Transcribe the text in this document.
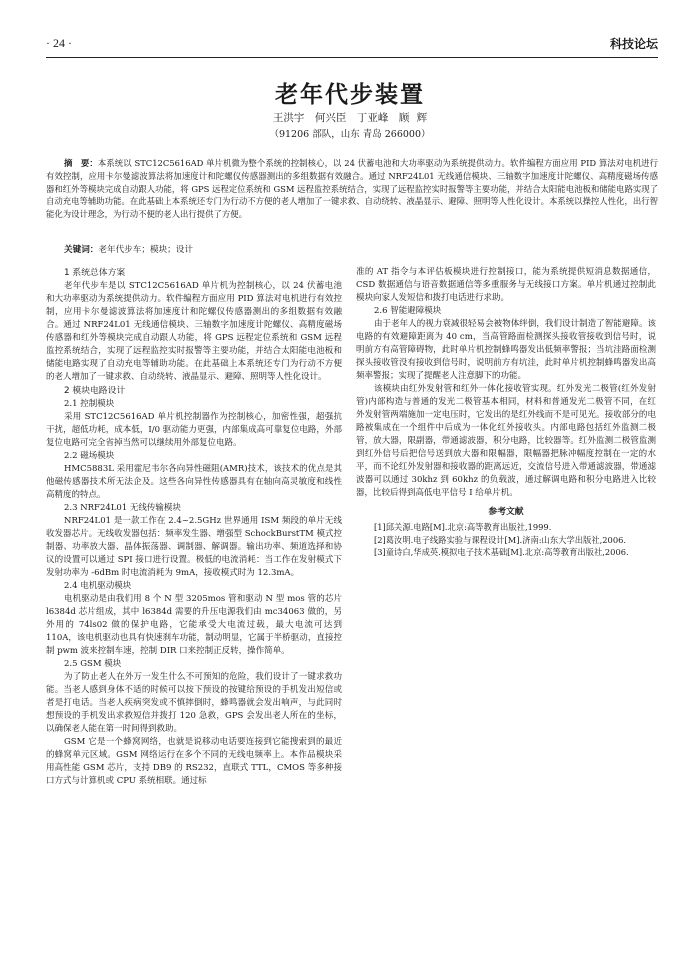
· 24 ·	科技论坛
老年代步装置
王洪宇　何兴臣　丁亚峰　顾 辉
（91206 部队，山东 青岛 266000）
摘　要：本系统以 STC12C5616AD 单片机微为整个系统的控制核心，以 24 伏蓄电池和大功率驱动为系统提供动力。软件编程方面应用 PID 算法对电机进行有效控制，应用卡尔曼滤波算法将加速度计和陀螺仪传感器测出的多组数据有效融合。通过 NRF24L01 无线通信模块、三轴数字加速度计陀螺仪、高精度磁场传感器和红外等模块完成自动跟人功能，将 GPS 远程定位系统和 GSM 远程监控系统结合，实现了远程监控实时报警等主要功能，并结合太阳能电池板和储能电路实现了自动充电等辅助功能。在此基础上本系统还专门为行动不方便的老人增加了一键求救、自动绕转、液晶显示、避障、照明等人性化设计。本系统以操控人性化，出行智能化为设计理念，为行动不便的老人出行提供了方便。
关键词：老年代步车；模块；设计
1 系统总体方案

老年代步车是以 STC12C5616AD 单片机为控制核心，以 24 伏蓄电池和大功率驱动为系统提供动力。软件编程方面应用 PID 算法对电机进行有效控制，应用卡尔曼滤波算法将加速度计和陀螺仪传感器测出的多组数据有效融合。通过 NRF24L01 无线通信模块、三轴数字加速度计陀螺仪、高精度磁场传感器和红外等模块完成自动跟人功能，将 GPS 远程定位系统和 GSM 远程监控系统结合，实现了远程监控实时报警等主要功能，并结合太阳能电池板和储能电路实现了自动充电等辅助功能。在此基础上本系统还专门为行动不方便的老人增加了一键求救、自动绕转、液晶显示、避障、照明等人性化设计。

2 模块电路设计
2.1 控制模块

采用 STC12C5616AD 单片机控制器作为控制核心，加密性强，超强抗干扰，超低功耗，成本低，I/0 驱动能力更强，内部集成高可靠复位电路，外部复位电路可完全省掉当然可以继续用外部复位电路。

2.2 磁场模块

HMC5883L 采用霍尼韦尔各向异性磁阻(AMR)技术，该技术的优点是其他磁传感器技术所无法企及。这些各向异性传感器具有在轴向高灵敏度和线性高精度的特点。

2.3 NRF24L01 无线传输模块

NRF24L01 是一款工作在 2.4~2.5GHz 世界通用 ISM 频段的单片无线收发器芯片。无线收发器包括：频率发生器、增强型 SchockBurstTM 模式控制器、功率放大器、晶体振荡器、调制器、解调器。输出功率、频道选择和协议的设置可以通过 SPI 接口进行设置。极低的电流消耗：当工作在发射模式下发射功率为 -6dBm 时电流消耗为 9mA，接收模式时为 12.3mA。

2.4 电机驱动模块

电机驱动是由我们用 8 个 N 型 3205mos 管和驱动 N 型 mos 管的芯片 l6384d 芯片组成，其中 l6384d 需要的升压电源我们由 mc34063 做的，另外用的 74ls02 做的保护电路，它能承受大电流过载，最大电流可达到 110A，该电机驱动也具有快速刹车功能，制动明显，它属于半桥驱动，直接控制 pwm 波来控制车速，控制 DIR 口来控制正反转，操作简单。

2.5 GSM 模块

为了防止老人在外万一发生什么不可预知的危险，我们设计了一键求救功能。当老人感到身体不适的时候可以按下预设的按键给预设的手机发出短信或者是打电话。当老人疾病突发或不慎摔倒时，蜂鸣器就会发出响声，与此同时想预设的手机发出求救短信并拨打 120 急救，GPS 会发出老人所在的坐标，以确保老人能在第一时间得到救助。

GSM 它是一个蜂窝网络，也就是说移动电话要连接到它能搜索到的最近的蜂窝单元区域。GSM 网络运行在多个不同的无线电频率上。本作品模块采用高性能 GSM 芯片，支持 DB9 的 RS232，直联式 TTL，CMOS 等多种接口方式与计算机或 CPU 系统相联。通过标

准的 AT 指令与本评估板模块进行控制接口，能为系统提供短消息数据通信，CSD 数据通信与语音数据通信等多重服务与无线接口方案。单片机通过控制此模块向家人发短信和拨打电话进行求助。

2.6 智能避障模块

由于老年人的视力衰减很轻易会被物体绊倒，我们设计制造了智能避障。该电路的有效避障距离为 40 cm，当高管路面检测探头接收管接收到信号时，说明前方有高管障碍物，此时单片机控制蜂鸣器发出低频率警报；当坑洼路面检测探头接收管没有接收到信号时，说明前方有坑洼，此时单片机控制蜂鸣器发出高频率警报；实现了提醒老人注意脚下的功能。

该模块由红外发射管和红外一体化接收管实现。红外发光二极管(红外发射管)内部构造与普通的发光二极管基本相同，材料和普通发光二极管不同，在红外发射管两端施加一定电压时，它发出的是红外线而不是可见光。接收部分的电路被集成在一个组件中后成为一体化红外接收头。内部电路包括红外监测二极管，放大器，限副器，带通滤波器，积分电路，比较器等。红外监测二极管监测到红外信号后把信号送到放大器和限幅器，限幅器把脉冲幅度控制在一定的水平，而不论红外发射器和接收器的距离远近，交流信号进入带通滤波器，带通滤波器可以通过 30khz 到 60khz 的负载波，通过解调电路和积分电路进入比较器，比较后得到高低电平信号 I 给单片机。

参考文献

[1]邱关源.电路[M].北京:高等教育出版社,1999.

[2]葛汝明.电子线路实验与课程设计[M].济南:山东大学出版社,2006.

[3]童诗白,华成英.模拟电子技术基础[M].北京:高等教育出版社,2006.
